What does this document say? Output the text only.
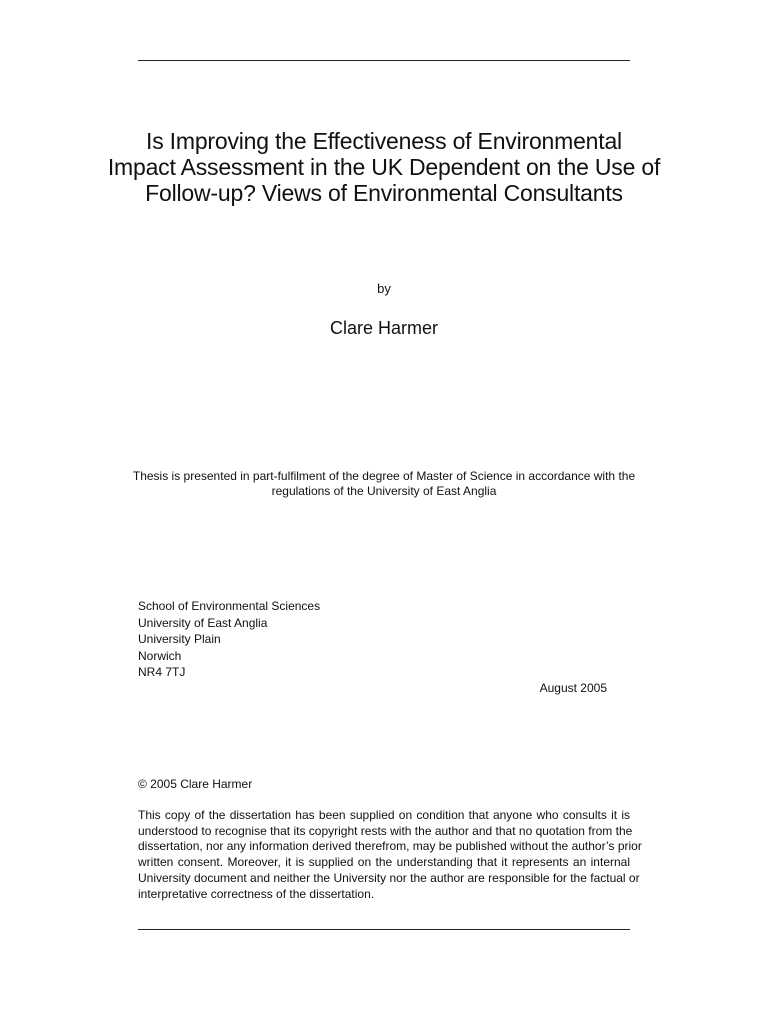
Is Improving the Effectiveness of Environmental
Impact Assessment in the UK Dependent on the Use of
Follow-up? Views of Environmental Consultants
by
Clare Harmer
Thesis is presented in part-fulfilment of the degree of Master of Science in accordance with the
regulations of the University of East Anglia
School of Environmental Sciences
University of East Anglia
University Plain
Norwich
NR4 7TJ
August 2005
© 2005 Clare Harmer
This copy of the dissertation has been supplied on condition that anyone who consults it is
understood to recognise that its copyright rests with the author and that no quotation from the
dissertation, nor any information derived therefrom, may be published without the author’s prior
written consent. Moreover, it is supplied on the understanding that it represents an internal
University document and neither the University nor the author are responsible for the factual or
interpretative correctness of the dissertation.
